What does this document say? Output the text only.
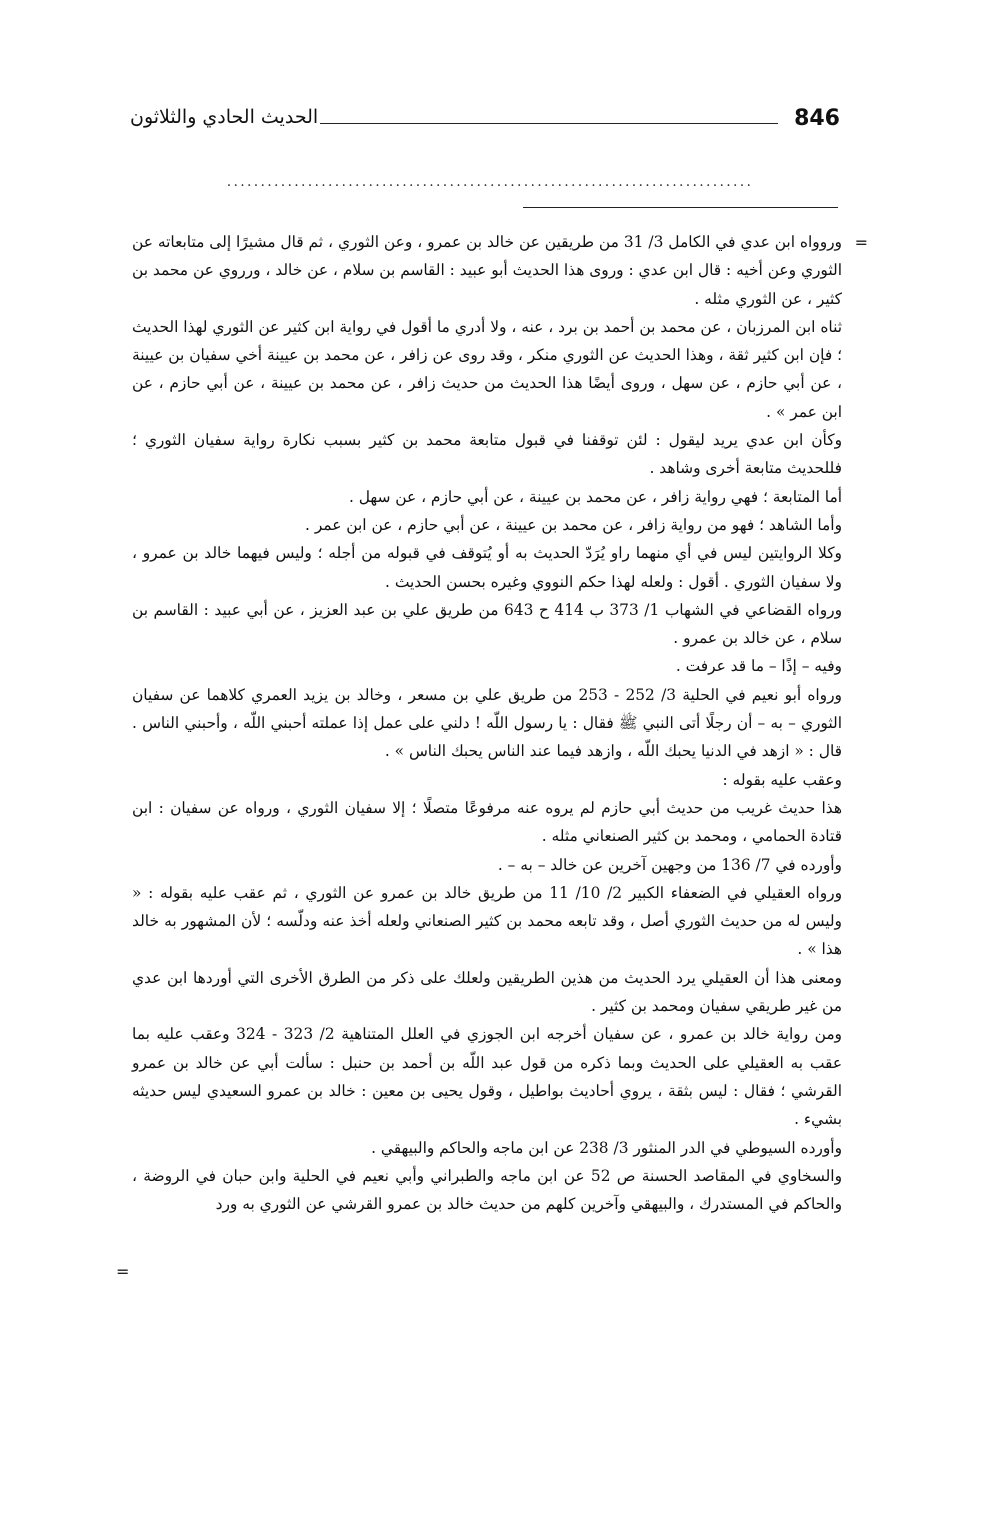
846
الحديث الحادي والثلاثون
..............................................................................
=

وروواه ابن عدي في الكامل 3/ 31 من طريقين عن خالد بن عمرو ، وعن الثوري ، ثم قال مشيرًا إلى متابعاته عن الثوري وعن أخيه : قال ابن عدي : وروى هذا الحديث أبو عبيد : القاسم بن سلام ، عن خالد ، ورروي عن محمد بن كثير ، عن الثوري مثله .

ثناه ابن المرزبان ، عن محمد بن أحمد بن برد ، عنه ، ولا أدري ما أقول في رواية ابن كثير عن الثوري لهذا الحديث ؛ فإن ابن كثير ثقة ، وهذا الحديث عن الثوري منكر ، وقد روى عن زافر ، عن محمد بن عيينة أخي سفيان بن عيينة ، عن أبي حازم ، عن سهل ، وروى أيضًا هذا الحديث من حديث زافر ، عن محمد بن عيينة ، عن أبي حازم ، عن ابن عمر » .

وكأن ابن عدي يريد ليقول : لئن توقفنا في قبول متابعة محمد بن كثير بسبب نكارة رواية سفيان الثوري ؛ فللحديث متابعة أخرى وشاهد .

أما المتابعة ؛ فهي رواية زافر ، عن محمد بن عيينة ، عن أبي حازم ، عن سهل .

وأما الشاهد ؛ فهو من رواية زافر ، عن محمد بن عيينة ، عن أبي حازم ، عن ابن عمر .

وكلا الروايتين ليس في أي منهما راو يُرَدّ الحديث به أو يُتوقف في قبوله من أجله ؛ وليس فيهما خالد بن عمرو ، ولا سفيان الثوري . أقول : ولعله لهذا حكم النووي وغيره بحسن الحديث .

ورواه القضاعي في الشهاب 1/ 373 ب 414 ح 643 من طريق علي بن عبد العزيز ، عن أبي عبيد : القاسم بن سلام ، عن خالد بن عمرو .

وفيه – إذًا – ما قد عرفت .

ورواه أبو نعيم في الحلية 3/ 252 - 253 من طريق علي بن مسعر ، وخالد بن يزيد العمري كلاهما عن سفيان الثوري – به – أن رجلًا أتى النبي ﷺ فقال : يا رسول اللّه ! دلني على عمل إذا عملته أحبني اللّه ، وأحبني الناس . قال : « ازهد في الدنيا يحبك اللّه ، وازهد فيما عند الناس يحبك الناس » .

وعقب عليه بقوله :

هذا حديث غريب من حديث أبي حازم لم يروه عنه مرفوعًا متصلًا ؛ إلا سفيان الثوري ، ورواه عن سفيان : ابن قتادة الحمامي ، ومحمد بن كثير الصنعاني مثله .

وأورده في 7/ 136 من وجهين آخرين عن خالد – به – .

ورواه العقيلي في الضعفاء الكبير 2/ 10/ 11 من طريق خالد بن عمرو عن الثوري ، ثم عقب عليه بقوله : « وليس له من حديث الثوري أصل ، وقد تابعه محمد بن كثير الصنعاني ولعله أخذ عنه ودلّسه ؛ لأن المشهور به خالد هذا » .

ومعنى هذا أن العقيلي يرد الحديث من هذين الطريقين ولعلك على ذكر من الطرق الأخرى التي أوردها ابن عدي من غير طريقي سفيان ومحمد بن كثير .

ومن رواية خالد بن عمرو ، عن سفيان أخرجه ابن الجوزي في العلل المتناهية 2/ 323 - 324 وعقب عليه بما عقب به العقيلي على الحديث وبما ذكره من قول عبد اللّه بن أحمد بن حنبل : سألت أبي عن خالد بن عمرو القرشي ؛ فقال : ليس بثقة ، يروي أحاديث بواطيل ، وقول يحيى بن معين : خالد بن عمرو السعيدي ليس حديثه بشيء .

وأورده السيوطي في الدر المنثور 3/ 238 عن ابن ماجه والحاكم والبيهقي .

والسخاوي في المقاصد الحسنة ص 52 عن ابن ماجه والطبراني وأبي نعيم في الحلية وابن حبان في الروضة ، والحاكم في المستدرك ، والبيهقي وآخرين كلهم من حديث خالد بن عمرو القرشي عن الثوري به ورد

=
